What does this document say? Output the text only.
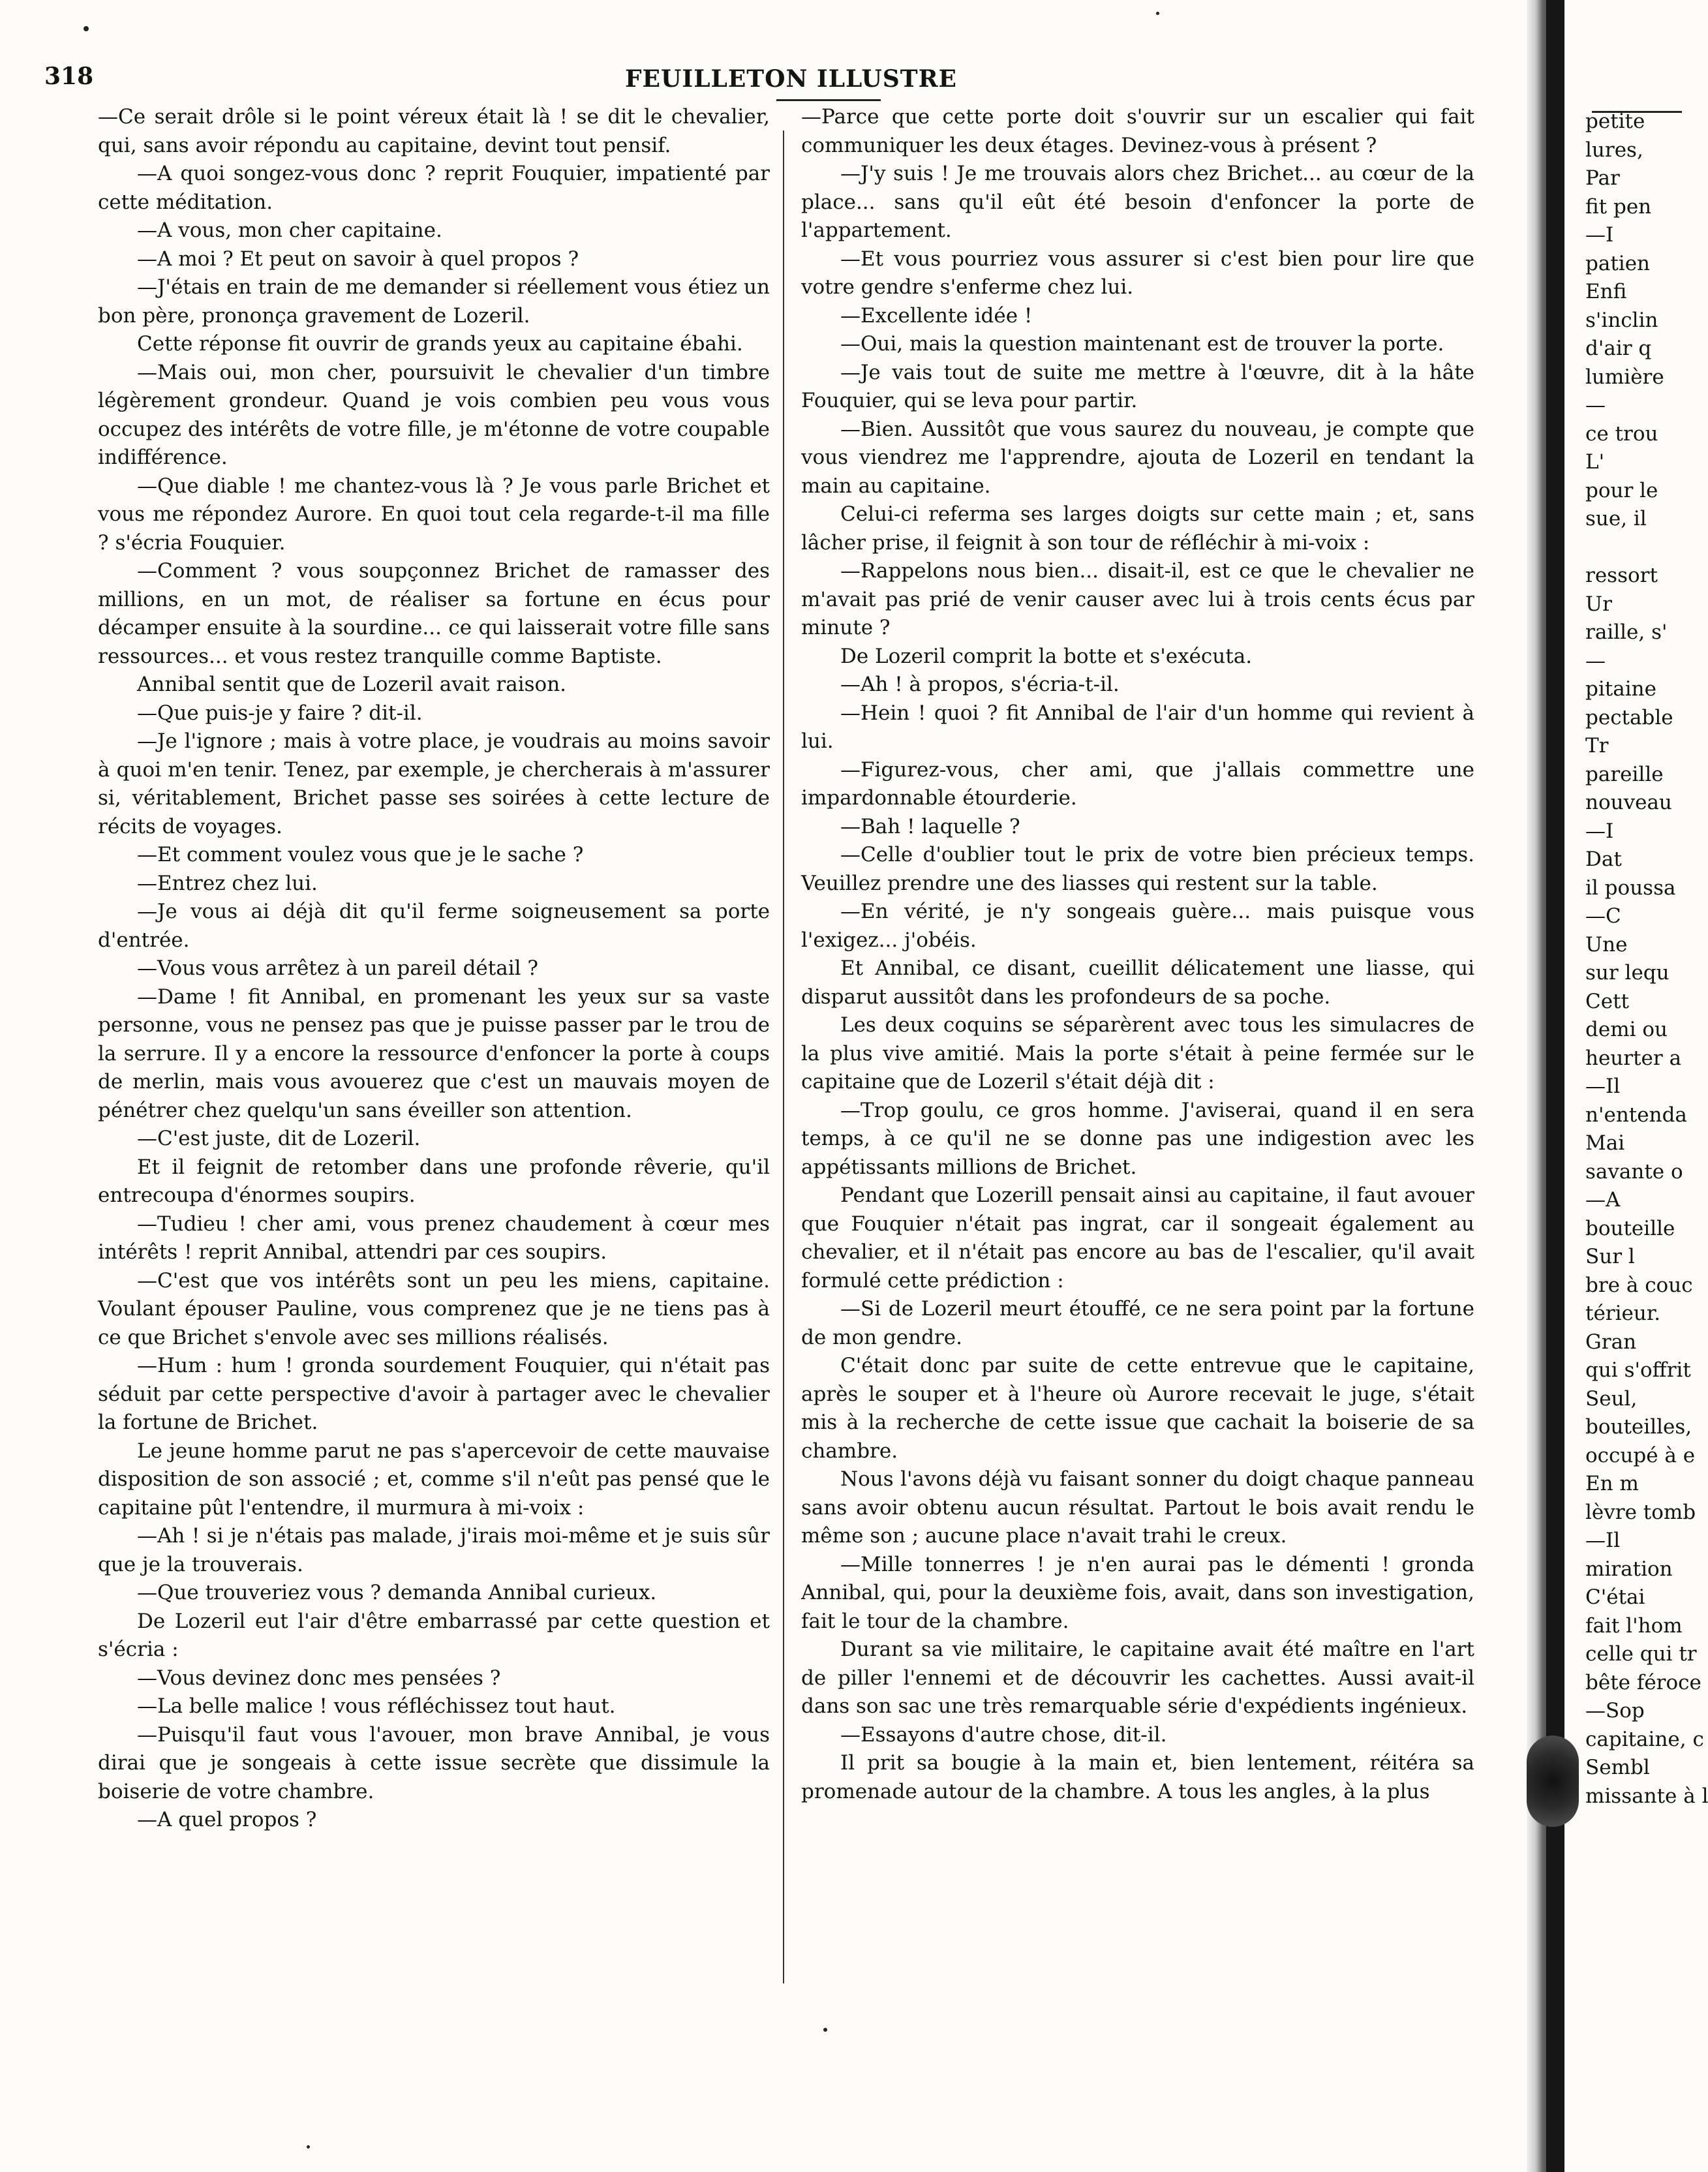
318	FEUILLETON ILLUSTRE

—Ce serait drôle si le point véreux était là ! se dit le chevalier, qui, sans avoir répondu au capitaine, devint tout pensif.

—A quoi songez-vous donc ? reprit Fouquier, impatienté par cette méditation.

—A vous, mon cher capitaine.

—A moi ? Et peut on savoir à quel propos ?

—J'étais en train de me demander si réellement vous étiez un bon père, prononça gravement de Lozeril.

Cette réponse fit ouvrir de grands yeux au capitaine ébahi.

—Mais oui, mon cher, poursuivit le chevalier d'un timbre légèrement grondeur. Quand je vois combien peu vous vous occupez des intérêts de votre fille, je m'étonne de votre coupable indifférence.

—Que diable ! me chantez-vous là ? Je vous parle Brichet et vous me répondez Aurore. En quoi tout cela regarde-t-il ma fille ? s'écria Fouquier.

—Comment ? vous soupçonnez Brichet de ramasser des millions, en un mot, de réaliser sa fortune en écus pour décamper ensuite à la sourdine... ce qui laisserait votre fille sans ressources... et vous restez tranquille comme Baptiste.

Annibal sentit que de Lozeril avait raison.

—Que puis-je y faire ? dit-il.

—Je l'ignore ; mais à votre place, je voudrais au moins savoir à quoi m'en tenir. Tenez, par exemple, je chercherais à m'assurer si, véritablement, Brichet passe ses soirées à cette lecture de récits de voyages.

—Et comment voulez vous que je le sache ?

—Entrez chez lui.

—Je vous ai déjà dit qu'il ferme soigneusement sa porte d'entrée.

—Vous vous arrêtez à un pareil détail ?

—Dame ! fit Annibal, en promenant les yeux sur sa vaste personne, vous ne pensez pas que je puisse passer par le trou de la serrure. Il y a encore la ressource d'enfoncer la porte à coups de merlin, mais vous avouerez que c'est un mauvais moyen de pénétrer chez quelqu'un sans éveiller son attention.

—C'est juste, dit de Lozeril.

Et il feignit de retomber dans une profonde rêverie, qu'il entrecoupa d'énormes soupirs.

—Tudieu ! cher ami, vous prenez chaudement à cœur mes intérêts ! reprit Annibal, attendri par ces soupirs.

—C'est que vos intérêts sont un peu les miens, capitaine. Voulant épouser Pauline, vous comprenez que je ne tiens pas à ce que Brichet s'envole avec ses millions réalisés.

—Hum : hum ! gronda sourdement Fouquier, qui n'était pas séduit par cette perspective d'avoir à partager avec le chevalier la fortune de Brichet.

Le jeune homme parut ne pas s'apercevoir de cette mauvaise disposition de son associé ; et, comme s'il n'eût pas pensé que le capitaine pût l'entendre, il murmura à mi-voix :

—Ah ! si je n'étais pas malade, j'irais moi-même et je suis sûr que je la trouverais.

—Que trouveriez vous ? demanda Annibal curieux.

De Lozeril eut l'air d'être embarrassé par cette question et s'écria :

—Vous devinez donc mes pensées ?

—La belle malice ! vous réfléchissez tout haut.

—Puisqu'il faut vous l'avouer, mon brave Annibal, je vous dirai que je songeais à cette issue secrète que dissimule la boiserie de votre chambre.

—A quel propos ?

—Parce que cette porte doit s'ouvrir sur un escalier qui fait communiquer les deux étages. Devinez-vous à présent ?

—J'y suis ! Je me trouvais alors chez Brichet... au cœur de la place... sans qu'il eût été besoin d'enfoncer la porte de l'appartement.

—Et vous pourriez vous assurer si c'est bien pour lire que votre gendre s'enferme chez lui.

—Excellente idée !

—Oui, mais la question maintenant est de trouver la porte.

—Je vais tout de suite me mettre à l'œuvre, dit à la hâte Fouquier, qui se leva pour partir.

—Bien. Aussitôt que vous saurez du nouveau, je compte que vous viendrez me l'apprendre, ajouta de Lozeril en tendant la main au capitaine.

Celui-ci referma ses larges doigts sur cette main ; et, sans lâcher prise, il feignit à son tour de réfléchir à mi-voix :

—Rappelons nous bien... disait-il, est ce que le chevalier ne m'avait pas prié de venir causer avec lui à trois cents écus par minute ?

De Lozeril comprit la botte et s'exécuta.

—Ah ! à propos, s'écria-t-il.

—Hein ! quoi ? fit Annibal de l'air d'un homme qui revient à lui.

—Figurez-vous, cher ami, que j'allais commettre une impardonnable étourderie.

—Bah ! laquelle ?

—Celle d'oublier tout le prix de votre bien précieux temps. Veuillez prendre une des liasses qui restent sur la table.

—En vérité, je n'y songeais guère... mais puisque vous l'exigez... j'obéis.

Et Annibal, ce disant, cueillit délicatement une liasse, qui disparut aussitôt dans les profondeurs de sa poche.

Les deux coquins se séparèrent avec tous les simulacres de la plus vive amitié. Mais la porte s'était à peine fermée sur le capitaine que de Lozeril s'était déjà dit :

—Trop goulu, ce gros homme. J'aviserai, quand il en sera temps, à ce qu'il ne se donne pas une indigestion avec les appétissants millions de Brichet.

Pendant que Lozerill pensait ainsi au capitaine, il faut avouer que Fouquier n'était pas ingrat, car il songeait également au chevalier, et il n'était pas encore au bas de l'escalier, qu'il avait formulé cette prédiction :

—Si de Lozeril meurt étouffé, ce ne sera point par la fortune de mon gendre.

C'était donc par suite de cette entrevue que le capitaine, après le souper et à l'heure où Aurore recevait le juge, s'était mis à la recherche de cette issue que cachait la boiserie de sa chambre.

Nous l'avons déjà vu faisant sonner du doigt chaque panneau sans avoir obtenu aucun résultat. Partout le bois avait rendu le même son ; aucune place n'avait trahi le creux.

—Mille tonnerres ! je n'en aurai pas le démenti ! gronda Annibal, qui, pour la deuxième fois, avait, dans son investigation, fait le tour de la chambre.

Durant sa vie militaire, le capitaine avait été maître en l'art de piller l'ennemi et de découvrir les cachettes. Aussi avait-il dans son sac une très remarquable série d'expédients ingénieux.

—Essayons d'autre chose, dit-il.

Il prit sa bougie à la main et, bien lentement, réitéra sa promenade autour de la chambre. A tous les angles, à la plus

petite
lures,
Par
fit pen
—I
patien
Enfi
s'inclin
d'air q
lumière
—
ce trou
L'
pour le
sue, il
ressort
Ur
raille, s'
—
pitaine
pectable
Tr
pareille
nouveau
—I
Dat
il poussa
—C
Une
sur lequ
Cett
demi ou
heurter a
—Il
n'entenda
Mai
savante o
—A
bouteille
Sur l
bre à couc
térieur.
Gran
qui s'offrit
Seul,
bouteilles,
occupé à e
En m
lèvre tomb
—Il
miration
C'étai
fait l'hom
celle qui tr
bête féroce
—Sop
capitaine, c
Sembl
missante à l
